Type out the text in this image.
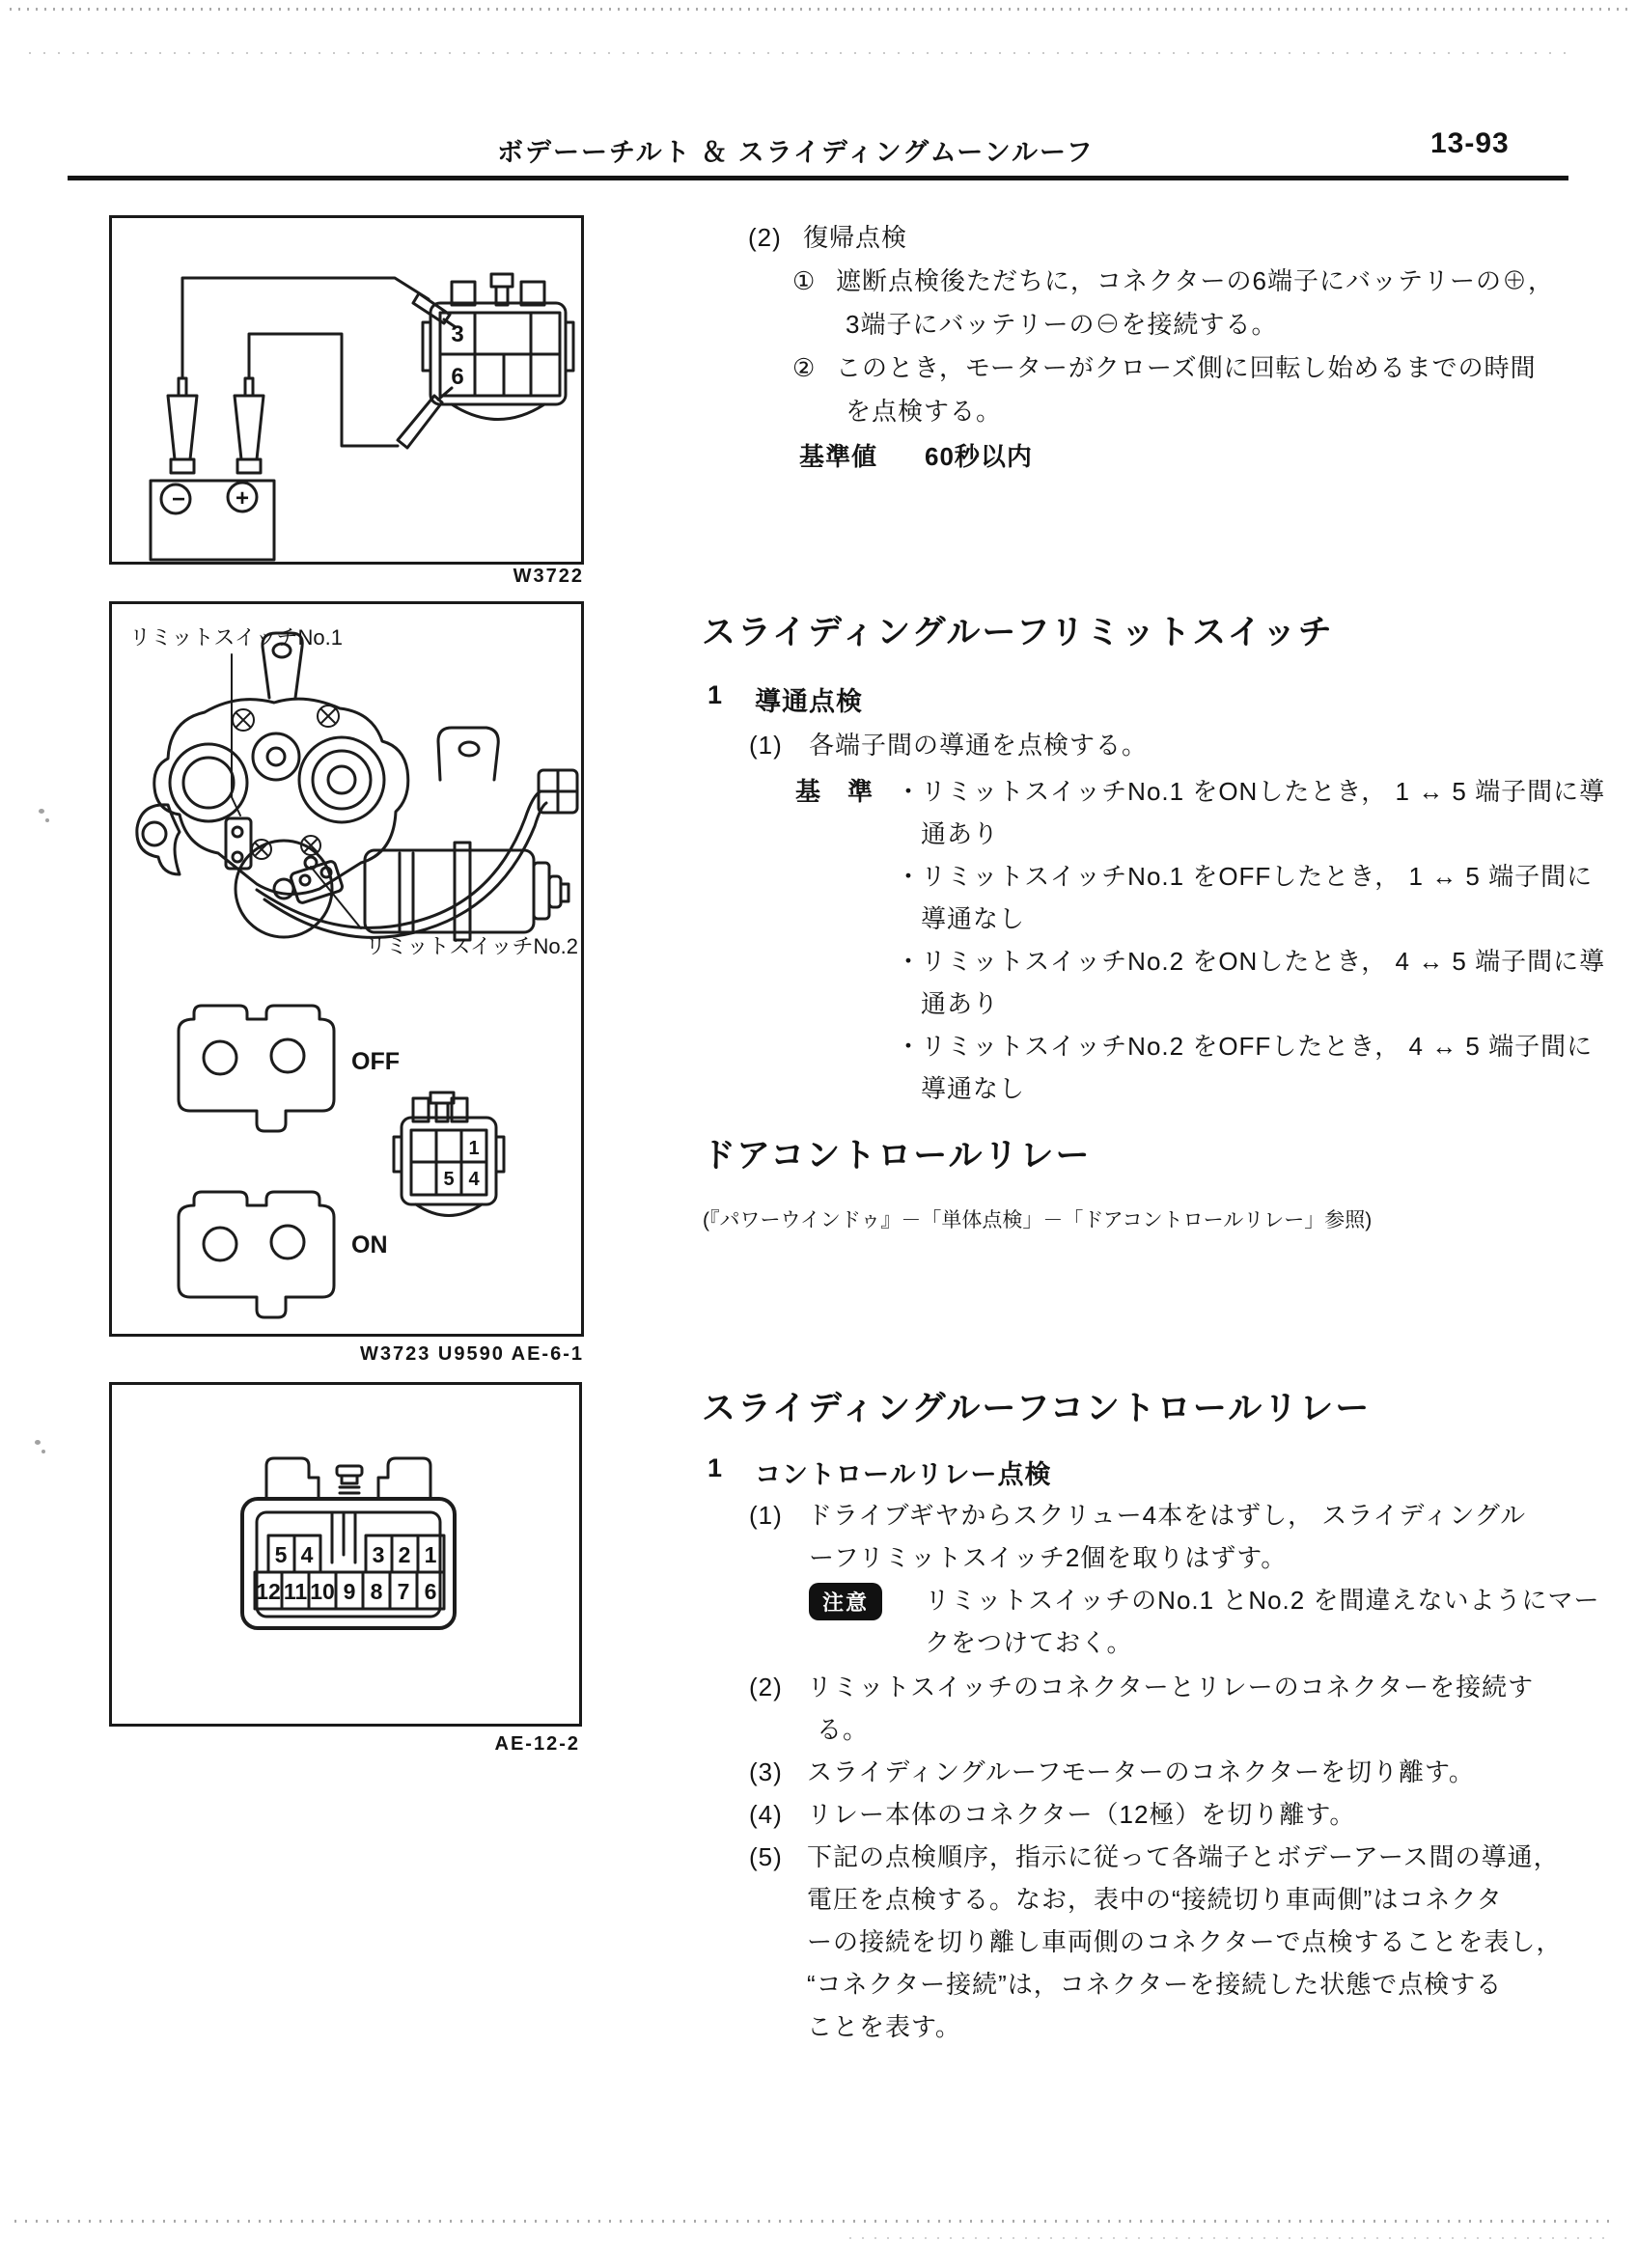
ボデーーチルト ＆ スライディングムーンルーフ	13-93
− +
3
6
W3722
リミットスイッチNo.1
リミットスイッチNo.2
OFF
ON
1
5 4
W3723 U9590 AE-6-1
5 4	3 2 1
12 11 10 9 8 7 6
AE-12-2
(2) 復帰点検
① 遮断点検後ただちに，コネクターの6端子にバッテリーの⊕，
3端子にバッテリーの⊖を接続する。
② このとき，モーターがクローズ側に回転し始めるまでの時間
を点検する。
基準値 60秒以内
スライディングルーフリミットスイッチ
1 導通点検
(1) 各端子間の導通を点検する。
基　準 ・
リミットスイッチNo.1 をONしたとき， 1 ↔ 5 端子間に導
通あり
・
リミットスイッチNo.1 をOFFしたとき， 1 ↔ 5 端子間に
導通なし
・
リミットスイッチNo.2 をONしたとき， 4 ↔ 5 端子間に導
通あり
・
リミットスイッチNo.2 をOFFしたとき， 4 ↔ 5 端子間に
導通なし
ドアコントロールリレー
(『パワーウインドゥ』－「単体点検」－「ドアコントロールリレー」参照)
スライディングルーフコントロールリレー
1 コントロールリレー点検
(1) ドライブギヤからスクリュー4本をはずし， スライディングル
ーフリミットスイッチ2個を取りはずす。
注意	リミットスイッチのNo.1 とNo.2 を間違えないようにマー
クをつけておく。
(2) リミットスイッチのコネクターとリレーのコネクターを接続す
る。
(3) スライディングルーフモーターのコネクターを切り離す。
(4) リレー本体のコネクター（12極）を切り離す。
(5) 下記の点検順序，指示に従って各端子とボデーアース間の導通，
電圧を点検する。なお，表中の“接続切り車両側”はコネクタ
ーの接続を切り離し車両側のコネクターで点検することを表し，
“コネクター接続”は，コネクターを接続した状態で点検する
ことを表す。
